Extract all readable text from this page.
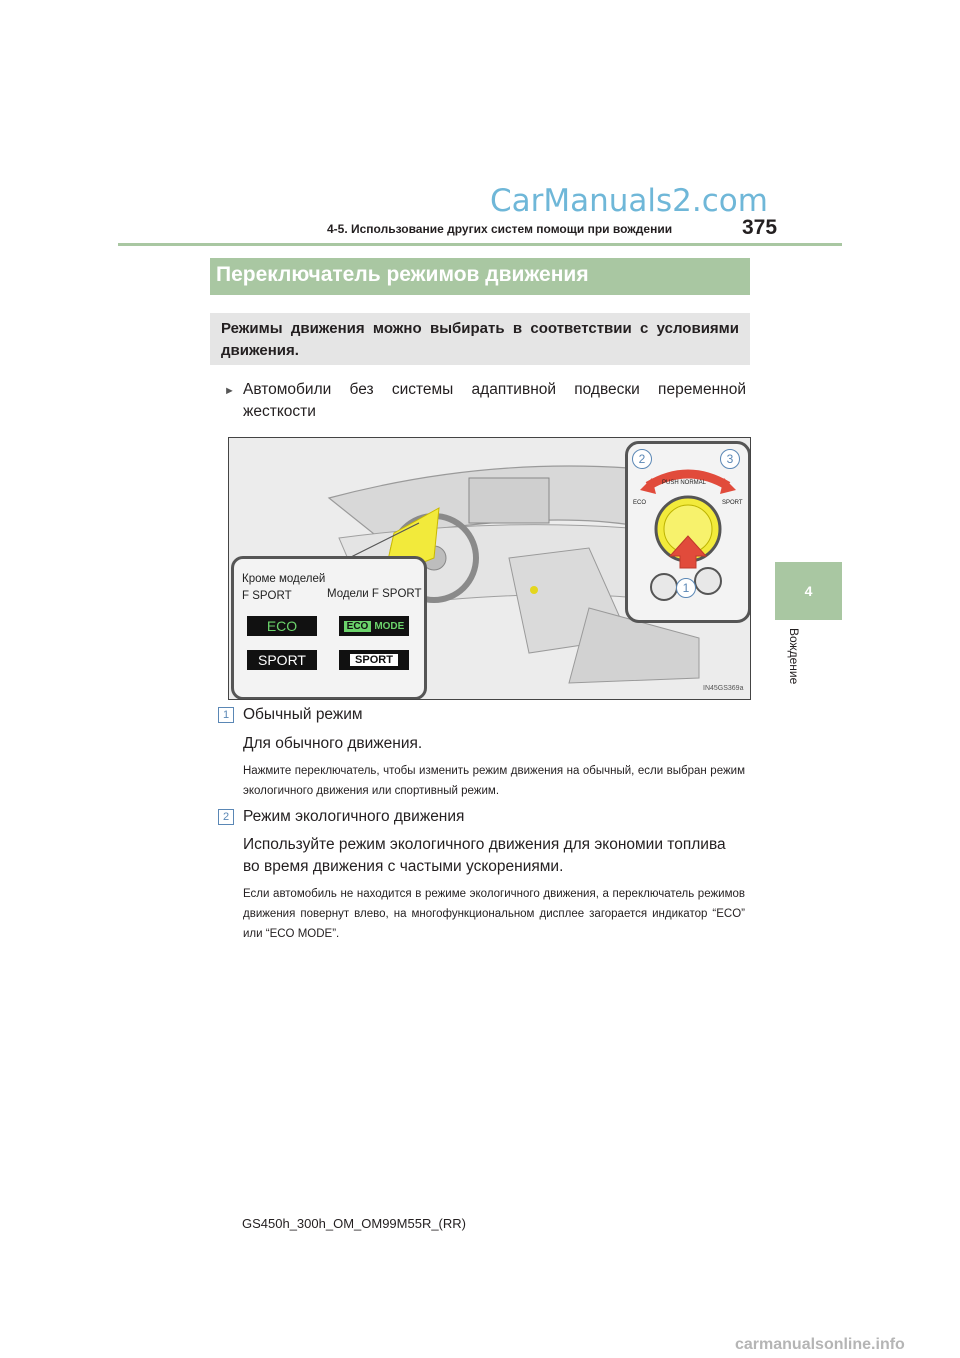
CarManuals2.com
4-5. Использование других систем помощи при вождении	375
4
Вождение
Переключатель режимов движения

Режимы движения можно выбирать в соответствии с условиями движения.

► Автомобили без системы адаптивной подвески переменной жесткости
PUSH NORMAL
ECO	SPORT
2	3
1
Кроме моделей
F SPORT	Модели F SPORT
ECO	ECO MODE
SPORT	SPORT
IN45GS369a
1 Обычный режим
Для обычного движения.
Нажмите переключатель, чтобы изменить режим движения на обычный, если выбран режим экологичного движения или спортивный режим.
2 Режим экологичного движения
Используйте режим экологичного движения для экономии топлива во время движения с частыми ускорениями.
Если автомобиль не находится в режиме экологичного движения, а переключатель режимов движения повернут влево, на многофункциональном дисплее загорается индикатор “ECO” или “ECO MODE”.
GS450h_300h_OM_OM99M55R_(RR)
carmanualsonline.info
